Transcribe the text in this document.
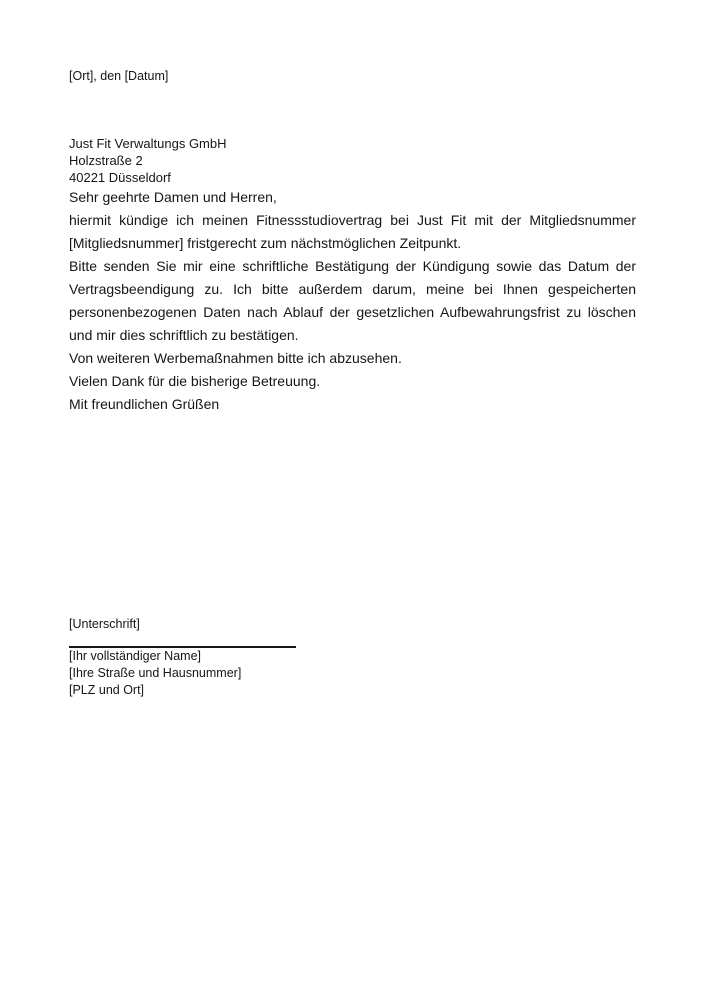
[Ort], den [Datum]

Just Fit Verwaltungs GmbH

Holzstraße 2

40221 Düsseldorf

Sehr geehrte Damen und Herren,

hiermit kündige ich meinen Fitnessstudiovertrag bei Just Fit mit der Mitgliedsnummer [Mitgliedsnummer] fristgerecht zum nächstmöglichen Zeitpunkt.

Bitte senden Sie mir eine schriftliche Bestätigung der Kündigung sowie das Datum der Vertragsbeendigung zu. Ich bitte außerdem darum, meine bei Ihnen gespeicherten personenbezogenen Daten nach Ablauf der gesetzlichen Aufbewahrungsfrist zu löschen und mir dies schriftlich zu bestätigen.

Von weiteren Werbemaßnahmen bitte ich abzusehen.

Vielen Dank für die bisherige Betreuung.

Mit freundlichen Grüßen

[Unterschrift]

[Ihr vollständiger Name]

[Ihre Straße und Hausnummer]

[PLZ und Ort]
